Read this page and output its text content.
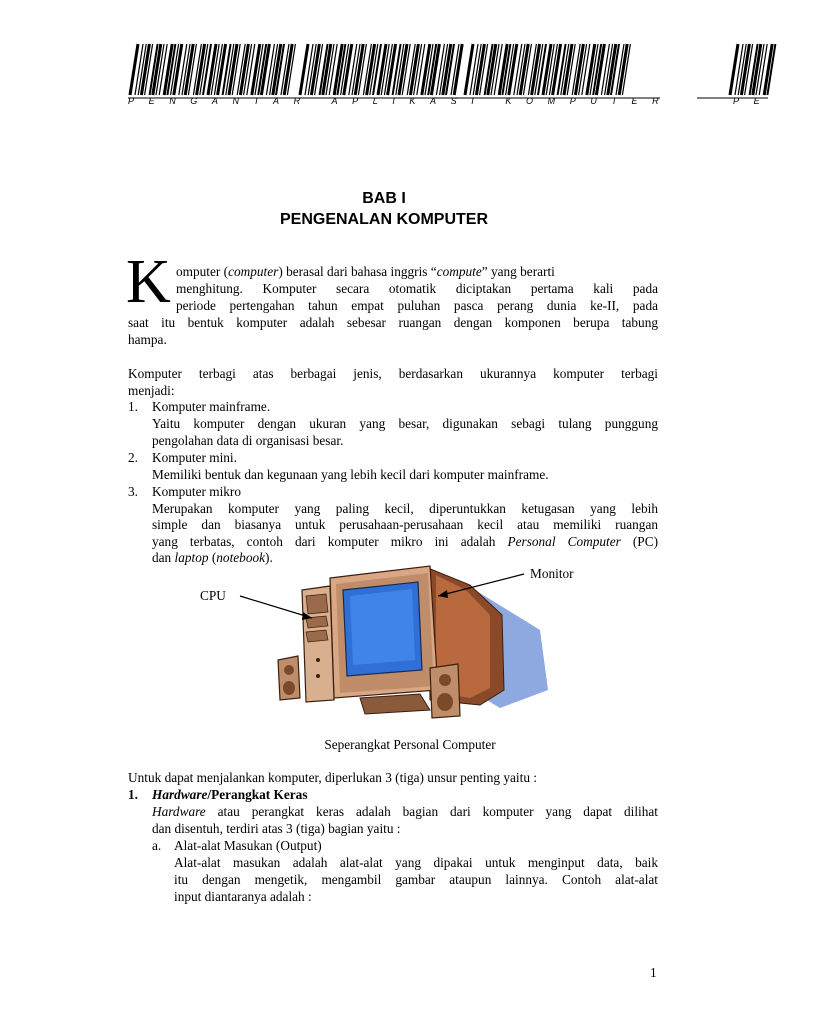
PENGANTAR APLIKASI KOMPUTER	PE
BAB I
PENGENALAN KOMPUTER
K omputer (computer) berasal dari bahasa inggris “compute” yang berarti
menghitung. Komputer secara otomatik diciptakan pertama kali pada
periode pertengahan tahun empat puluhan pasca perang dunia ke-II, pada
saat itu bentuk komputer adalah sebesar ruangan dengan komponen berupa tabung
hampa.
Komputer terbagi atas berbagai jenis, berdasarkan ukurannya komputer terbagi
menjadi:
1.	Komputer mainframe.
Yaitu komputer dengan ukuran yang besar, digunakan sebagi tulang punggung
pengolahan data di organisasi besar.
2.	Komputer mini.
Memiliki bentuk dan kegunaan yang lebih kecil dari komputer mainframe.
3.	Komputer mikro
Merupakan komputer yang paling kecil, diperuntukkan ketugasan yang lebih
simple dan biasanya untuk perusahaan-perusahaan kecil atau memiliki ruangan
yang terbatas, contoh dari komputer mikro ini adalah Personal Computer (PC)
dan laptop (notebook).
CPU
Monitor
Seperangkat Personal Computer
Untuk dapat menjalankan komputer, diperlukan 3 (tiga) unsur penting yaitu :
1.	Hardware/Perangkat Keras
Hardware atau perangkat keras adalah bagian dari komputer yang dapat dilihat
dan disentuh, terdiri atas 3 (tiga) bagian yaitu :
a. Alat-alat Masukan (Output)
Alat-alat masukan adalah alat-alat yang dipakai untuk menginput data, baik
itu dengan mengetik, mengambil gambar ataupun lainnya. Contoh alat-alat
input diantaranya adalah :
1
